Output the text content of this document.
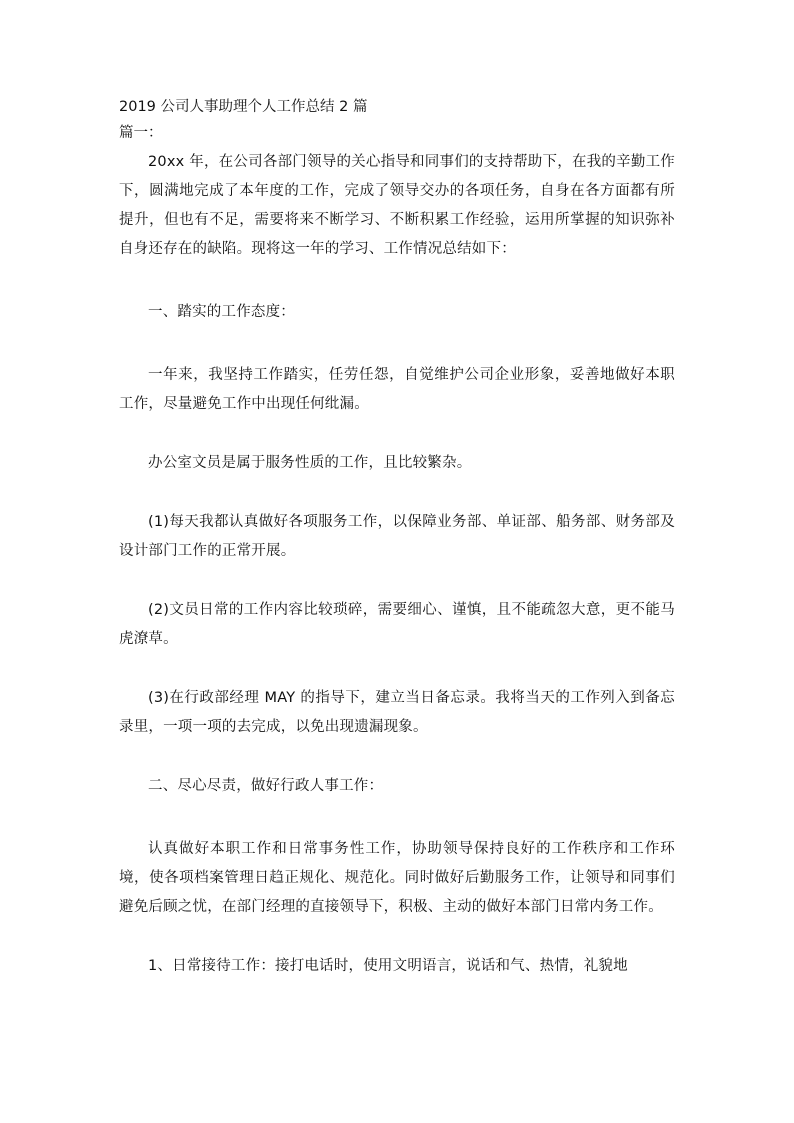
2019 公司人事助理个人工作总结 2 篇

篇一：

20xx 年，在公司各部门领导的关心指导和同事们的支持帮助下，在我的辛勤工作下，圆满地完成了本年度的工作，完成了领导交办的各项任务，自身在各方面都有所提升，但也有不足，需要将来不断学习、不断积累工作经验，运用所掌握的知识弥补自身还存在的缺陷。现将这一年的学习、工作情况总结如下：

一、踏实的工作态度：

一年来，我坚持工作踏实，任劳任怨，自觉维护公司企业形象，妥善地做好本职工作，尽量避免工作中出现任何纰漏。

办公室文员是属于服务性质的工作，且比较繁杂。

(1)每天我都认真做好各项服务工作，以保障业务部、单证部、船务部、财务部及设计部门工作的正常开展。

(2)文员日常的工作内容比较琐碎，需要细心、谨慎，且不能疏忽大意，更不能马虎潦草。

(3)在行政部经理 MAY 的指导下，建立当日备忘录。我将当天的工作列入到备忘录里，一项一项的去完成，以免出现遗漏现象。

二、尽心尽责，做好行政人事工作：

认真做好本职工作和日常事务性工作，协助领导保持良好的工作秩序和工作环境，使各项档案管理日趋正规化、规范化。同时做好后勤服务工作，让领导和同事们避免后顾之忧，在部门经理的直接领导下，积极、主动的做好本部门日常内务工作。

1、日常接待工作：接打电话时，使用文明语言，说话和气、热情，礼貌地
